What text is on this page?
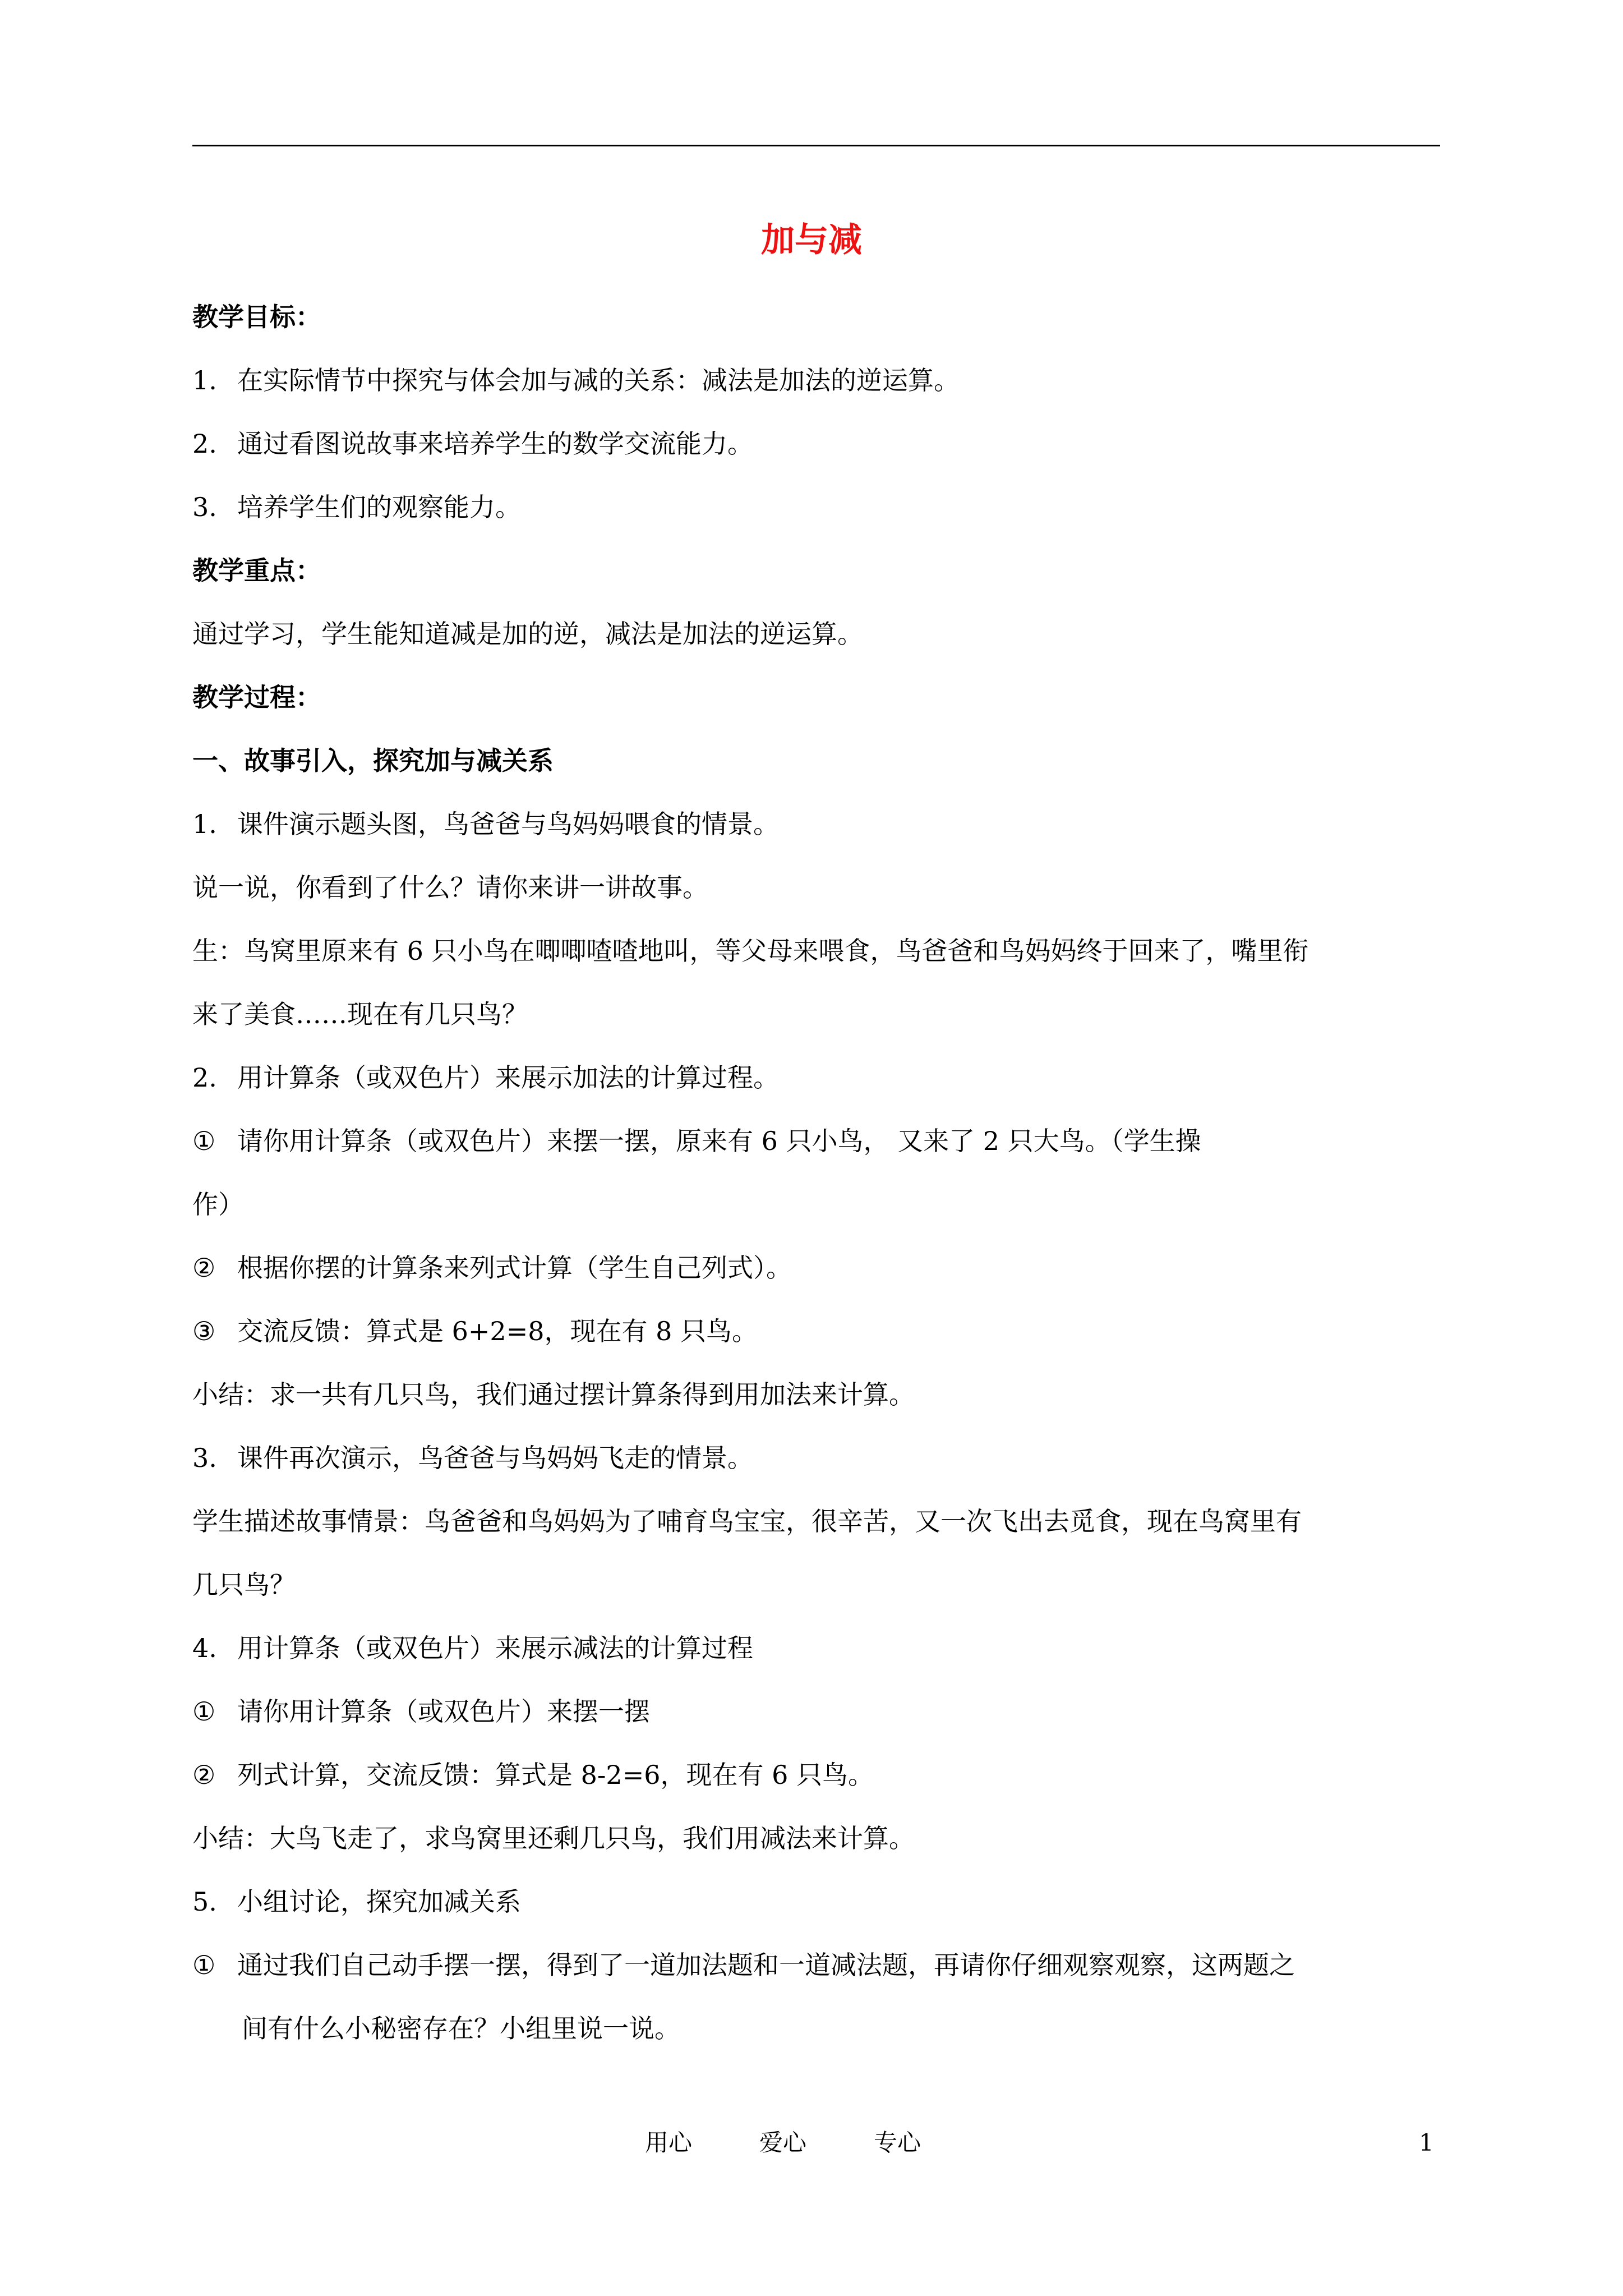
加与减
教学目标：
1. 在实际情节中探究与体会加与减的关系：减法是加法的逆运算。
2. 通过看图说故事来培养学生的数学交流能力。
3. 培养学生们的观察能力。
教学重点：
通过学习，学生能知道减是加的逆，减法是加法的逆运算。
教学过程：
一、故事引入，探究加与减关系
1. 课件演示题头图，鸟爸爸与鸟妈妈喂食的情景。
说一说，你看到了什么？请你来讲一讲故事。
生：鸟窝里原来有 6 只小鸟在唧唧喳喳地叫，等父母来喂食，鸟爸爸和鸟妈妈终于回来了，嘴里衔
来了美食……现在有几只鸟？
2. 用计算条（或双色片）来展示加法的计算过程。
① 请你用计算条（或双色片）来摆一摆，原来有 6 只小鸟， 又来了 2 只大鸟。（学生操
作）
② 根据你摆的计算条来列式计算（学生自己列式）。
③ 交流反馈：算式是 6+2=8，现在有 8 只鸟。
小结：求一共有几只鸟，我们通过摆计算条得到用加法来计算。
3. 课件再次演示，鸟爸爸与鸟妈妈飞走的情景。
学生描述故事情景：鸟爸爸和鸟妈妈为了哺育鸟宝宝，很辛苦，又一次飞出去觅食，现在鸟窝里有
几只鸟？
4. 用计算条（或双色片）来展示减法的计算过程
① 请你用计算条（或双色片）来摆一摆
② 列式计算，交流反馈：算式是 8-2=6，现在有 6 只鸟。
小结：大鸟飞走了，求鸟窝里还剩几只鸟，我们用减法来计算。
5. 小组讨论，探究加减关系
① 通过我们自己动手摆一摆，得到了一道加法题和一道减法题，再请你仔细观察观察，这两题之
间有什么小秘密存在？小组里说一说。
用心	爱心	专心	1
